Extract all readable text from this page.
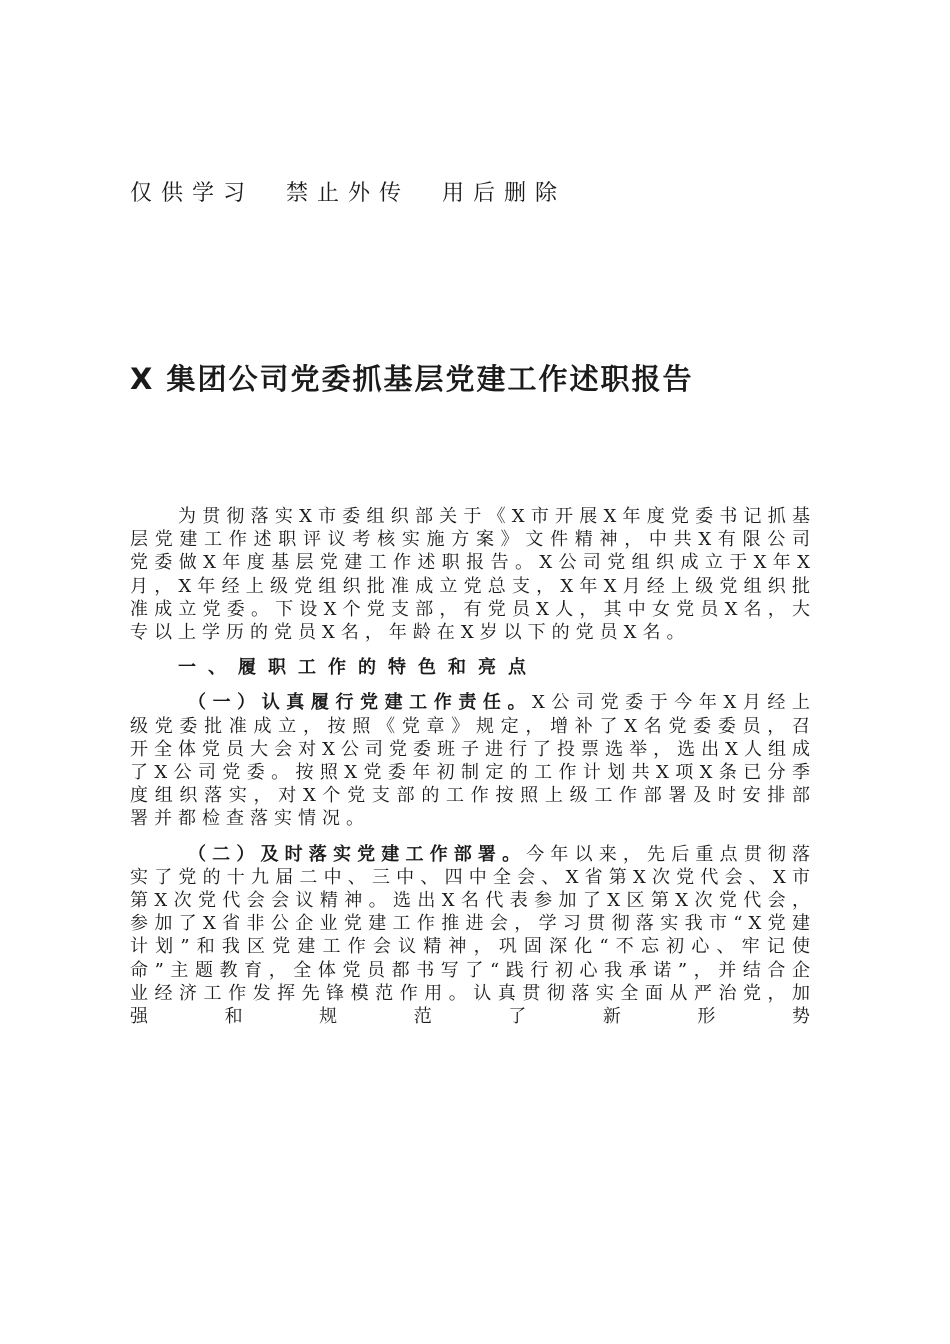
仅供学习  禁止外传  用后删除
X 集团公司党委抓基层党建工作述职报告

为贯彻落实X市委组织部关于《X市开展X年度党委书记抓基层党建工作述职评议考核实施方案》文件精神，中共X有限公司党委做X年度基层党建工作述职报告。X公司党组织成立于X年X月，X年经上级党组织批准成立党总支，X年X月经上级党组织批准成立党委。下设X个党支部，有党员X人，其中女党员X名，大专以上学历的党员X名，年龄在X岁以下的党员X名。

一、履职工作的特色和亮点

（一）认真履行党建工作责任。X公司党委于今年X月经上级党委批准成立，按照《党章》规定，增补了X名党委委员，召开全体党员大会对X公司党委班子进行了投票选举，选出X人组成了X公司党委。按照X党委年初制定的工作计划共X项X条已分季度组织落实，对X个党支部的工作按照上级工作部署及时安排部署并都检查落实情况。

（二）及时落实党建工作部署。今年以来，先后重点贯彻落实了党的十九届二中、三中、四中全会、X省第X次党代会、X市第X次党代会会议精神。选出X名代表参加了X区第X次党代会，参加了X省非公企业党建工作推进会，学习贯彻落实我市“X党建计划”和我区党建工作会议精神，巩固深化“不忘初心、牢记使命”主题教育，全体党员都书写了“践行初心我承诺”，并结合企业经济工作发挥先锋模范作用。认真贯彻落实全面从严治党，加强和规范了新形势
